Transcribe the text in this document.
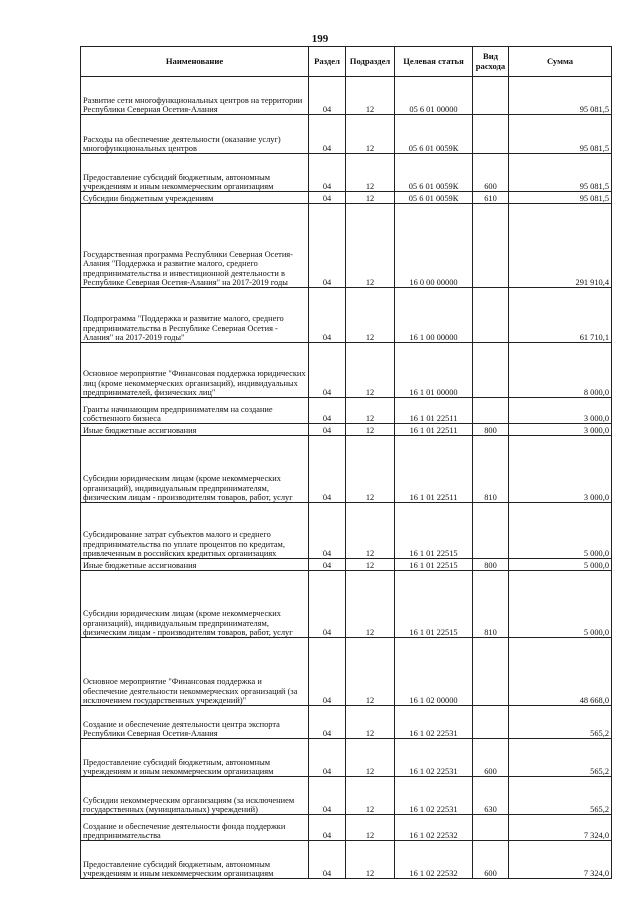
199
Наименование	Раздел	Подраздел	Целевая статья	Вид расхода	Сумма
Развитие сети многофункциональных центров на территории Республики Северная Осетия-Алания	04	12	05 6 01 00000		95 081,5
Расходы на обеспечение деятельности (оказание услуг) многофункциональных центров	04	12	05 6 01 0059К		95 081,5
Предоставление субсидий бюджетным, автономным учреждениям и иным некоммерческим организациям	04	12	05 6 01 0059К	600	95 081,5
Субсидии бюджетным учреждениям	04	12	05 6 01 0059К	610	95 081,5
Государственная программа Республики Северная Осетия-Алания "Поддержка и развитие малого, среднего предпринимательства и инвестиционной деятельности в Республике Северная Осетия-Алания" на 2017-2019 годы	04	12	16 0 00 00000		291 910,4
Подпрограмма "Поддержка и развитие малого, среднего предпринимательства в Республике Северная Осетия - Алания" на 2017-2019 годы"	04	12	16 1 00 00000		61 710,1
Основное мероприятие "Финансовая поддержка юридических лиц (кроме некоммерческих организаций), индивидуальных предпринимателей, физических лиц"	04	12	16 1 01 00000		8 000,0
Гранты начинающим предпринимателям на создание собственного бизнеса	04	12	16 1 01 22511		3 000,0
Иные бюджетные ассигнования	04	12	16 1 01 22511	800	3 000,0
Субсидии юридическим лицам (кроме некоммерческих организаций), индивидуальным предпринимателям, физическим лицам - производителям товаров, работ, услуг	04	12	16 1 01 22511	810	3 000,0
Субсидирование затрат субъектов малого и среднего предпринимательства по уплате процентов по кредитам, привлеченным в российских кредитных организациях	04	12	16 1 01 22515		5 000,0
Иные бюджетные ассигнования	04	12	16 1 01 22515	800	5 000,0
Субсидии юридическим лицам (кроме некоммерческих организаций), индивидуальным предпринимателям, физическим лицам - производителям товаров, работ, услуг	04	12	16 1 01 22515	810	5 000,0
Основное мероприятие "Финансовая поддержка и обеспечение деятельности некоммерческих организаций (за исключением государственных учреждений)"	04	12	16 1 02 00000		48 668,0
Создание и обеспечение деятельности центра экспорта Республики Северная Осетия-Алания	04	12	16 1 02 22531		565,2
Предоставление субсидий бюджетным, автономным учреждениям и иным некоммерческим организациям	04	12	16 1 02 22531	600	565,2
Субсидии некоммерческим организациям (за исключением государственных (муниципальных) учреждений)	04	12	16 1 02 22531	630	565,2
Создание и обеспечение деятельности фонда поддержки предпринимательства	04	12	16 1 02 22532		7 324,0
Предоставление субсидий бюджетным, автономным учреждениям и иным некоммерческим организациям	04	12	16 1 02 22532	600	7 324,0
